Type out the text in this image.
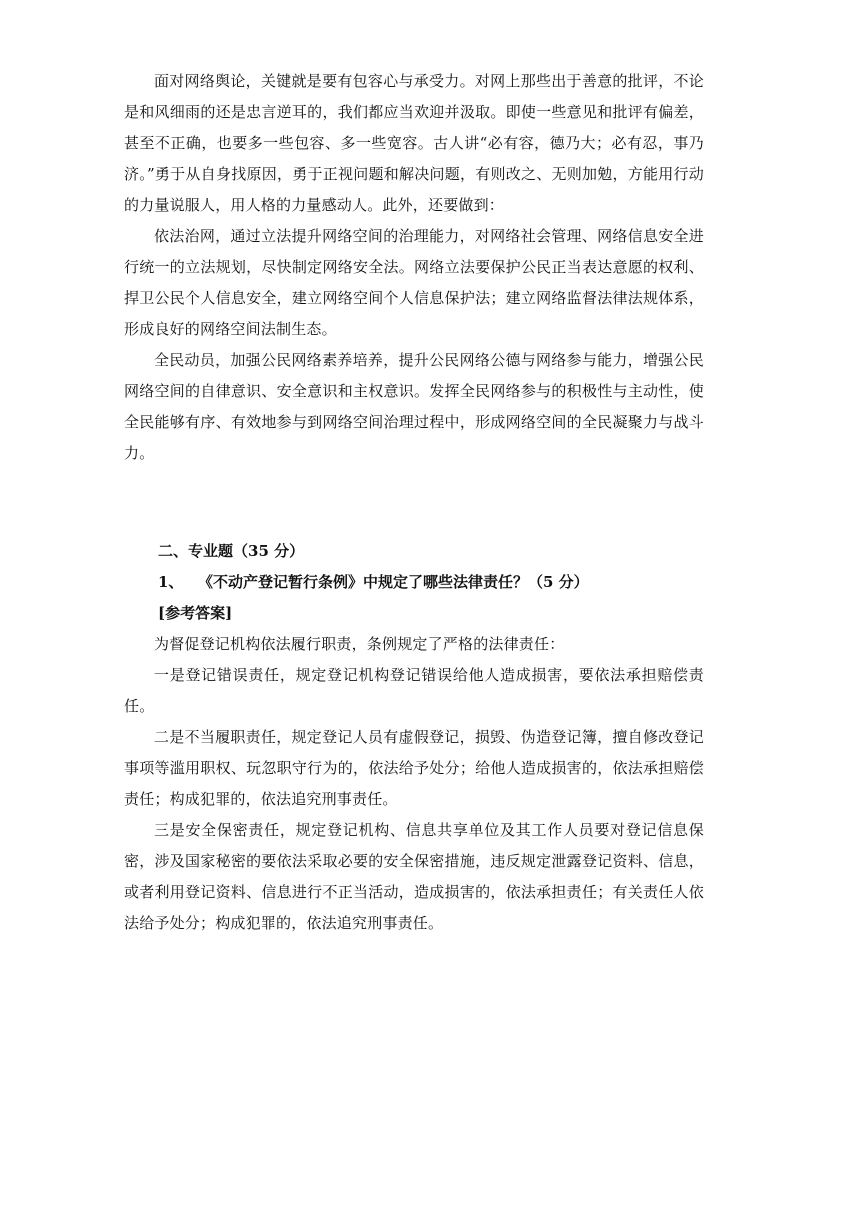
面对网络舆论，关键就是要有包容心与承受力。对网上那些出于善意的批评，不论是和风细雨的还是忠言逆耳的，我们都应当欢迎并汲取。即使一些意见和批评有偏差，甚至不正确，也要多一些包容、多一些宽容。古人讲“必有容，德乃大；必有忍，事乃济。”勇于从自身找原因，勇于正视问题和解决问题，有则改之、无则加勉，方能用行动的力量说服人，用人格的力量感动人。此外，还要做到：

依法治网，通过立法提升网络空间的治理能力，对网络社会管理、网络信息安全进行统一的立法规划，尽快制定网络安全法。网络立法要保护公民正当表达意愿的权利、捍卫公民个人信息安全，建立网络空间个人信息保护法；建立网络监督法律法规体系，形成良好的网络空间法制生态。

全民动员，加强公民网络素养培养，提升公民网络公德与网络参与能力，增强公民网络空间的自律意识、安全意识和主权意识。发挥全民网络参与的积极性与主动性，使全民能够有序、有效地参与到网络空间治理过程中，形成网络空间的全民凝聚力与战斗力。

二、专业题（35 分）

1、 《不动产登记暂行条例》中规定了哪些法律责任？（5 分）

[参考答案]

为督促登记机构依法履行职责，条例规定了严格的法律责任：

一是登记错误责任，规定登记机构登记错误给他人造成损害，要依法承担赔偿责任。

二是不当履职责任，规定登记人员有虚假登记，损毁、伪造登记簿，擅自修改登记事项等滥用职权、玩忽职守行为的，依法给予处分；给他人造成损害的，依法承担赔偿责任；构成犯罪的，依法追究刑事责任。

三是安全保密责任，规定登记机构、信息共享单位及其工作人员要对登记信息保密，涉及国家秘密的要依法采取必要的安全保密措施，违反规定泄露登记资料、信息，或者利用登记资料、信息进行不正当活动，造成损害的，依法承担责任；有关责任人依法给予处分；构成犯罪的，依法追究刑事责任。
